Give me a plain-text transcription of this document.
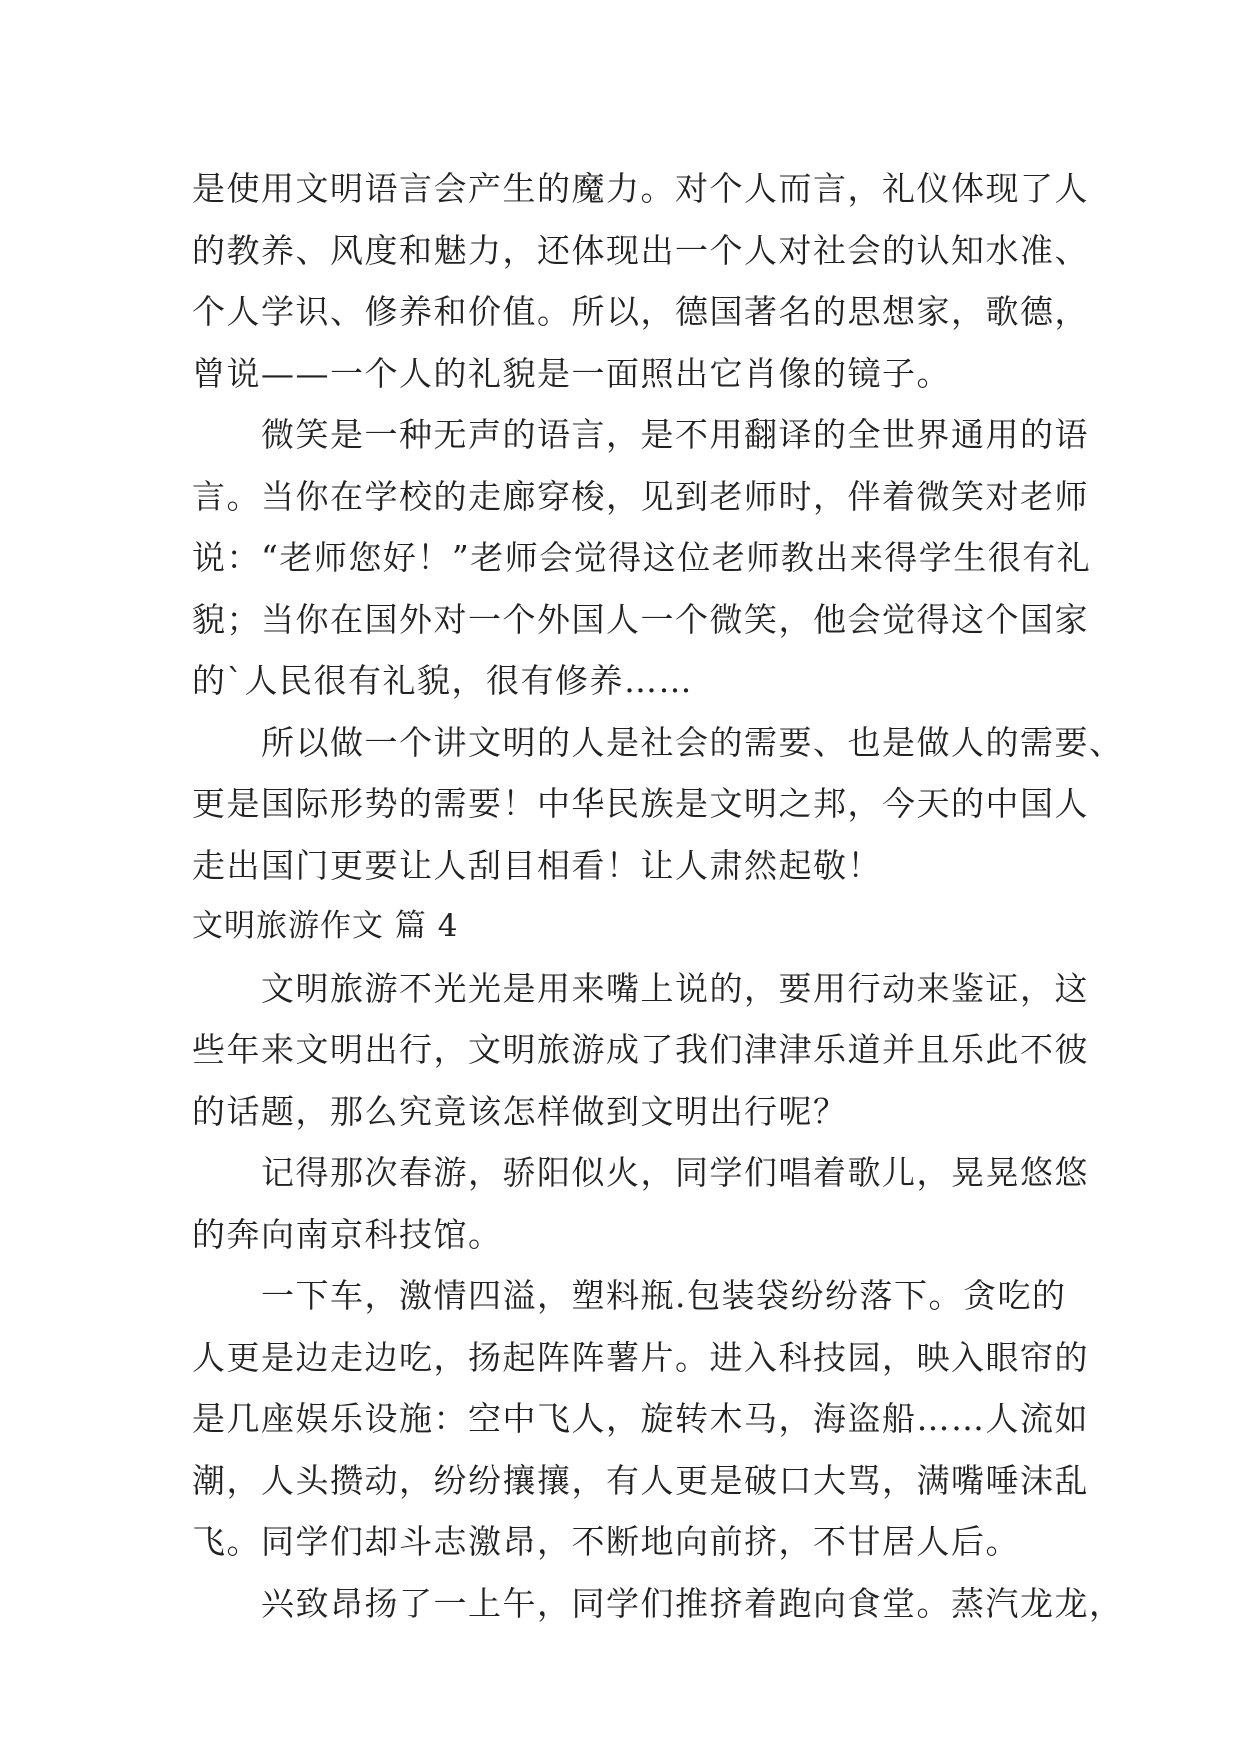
是使用文明语言会产生的魔力。对个人而言，礼仪体现了人
的教养、风度和魅力，还体现出一个人对社会的认知水准、
个人学识、修养和价值。所以，德国著名的思想家，歌德，
曾说——一个人的礼貌是一面照出它肖像的镜子。
　　微笑是一种无声的语言，是不用翻译的全世界通用的语
言。当你在学校的走廊穿梭，见到老师时，伴着微笑对老师
说：“老师您好！”老师会觉得这位老师教出来得学生很有礼
貌；当你在国外对一个外国人一个微笑，他会觉得这个国家
的`人民很有礼貌，很有修养……
　　所以做一个讲文明的人是社会的需要、也是做人的需要、
更是国际形势的需要！中华民族是文明之邦，今天的中国人
走出国门更要让人刮目相看！让人肃然起敬！
文明旅游作文 篇 4
　　文明旅游不光光是用来嘴上说的，要用行动来鉴证，这
些年来文明出行，文明旅游成了我们津津乐道并且乐此不彼
的话题，那么究竟该怎样做到文明出行呢？
　　记得那次春游，骄阳似火，同学们唱着歌儿，晃晃悠悠
的奔向南京科技馆。
　　一下车，激情四溢，塑料瓶.包装袋纷纷落下。贪吃的
人更是边走边吃，扬起阵阵薯片。进入科技园，映入眼帘的
是几座娱乐设施：空中飞人，旋转木马，海盗船……人流如
潮，人头攒动，纷纷攘攘，有人更是破口大骂，满嘴唾沫乱
飞。同学们却斗志激昂，不断地向前挤，不甘居人后。
　　兴致昂扬了一上午，同学们推挤着跑向食堂。蒸汽龙龙，
